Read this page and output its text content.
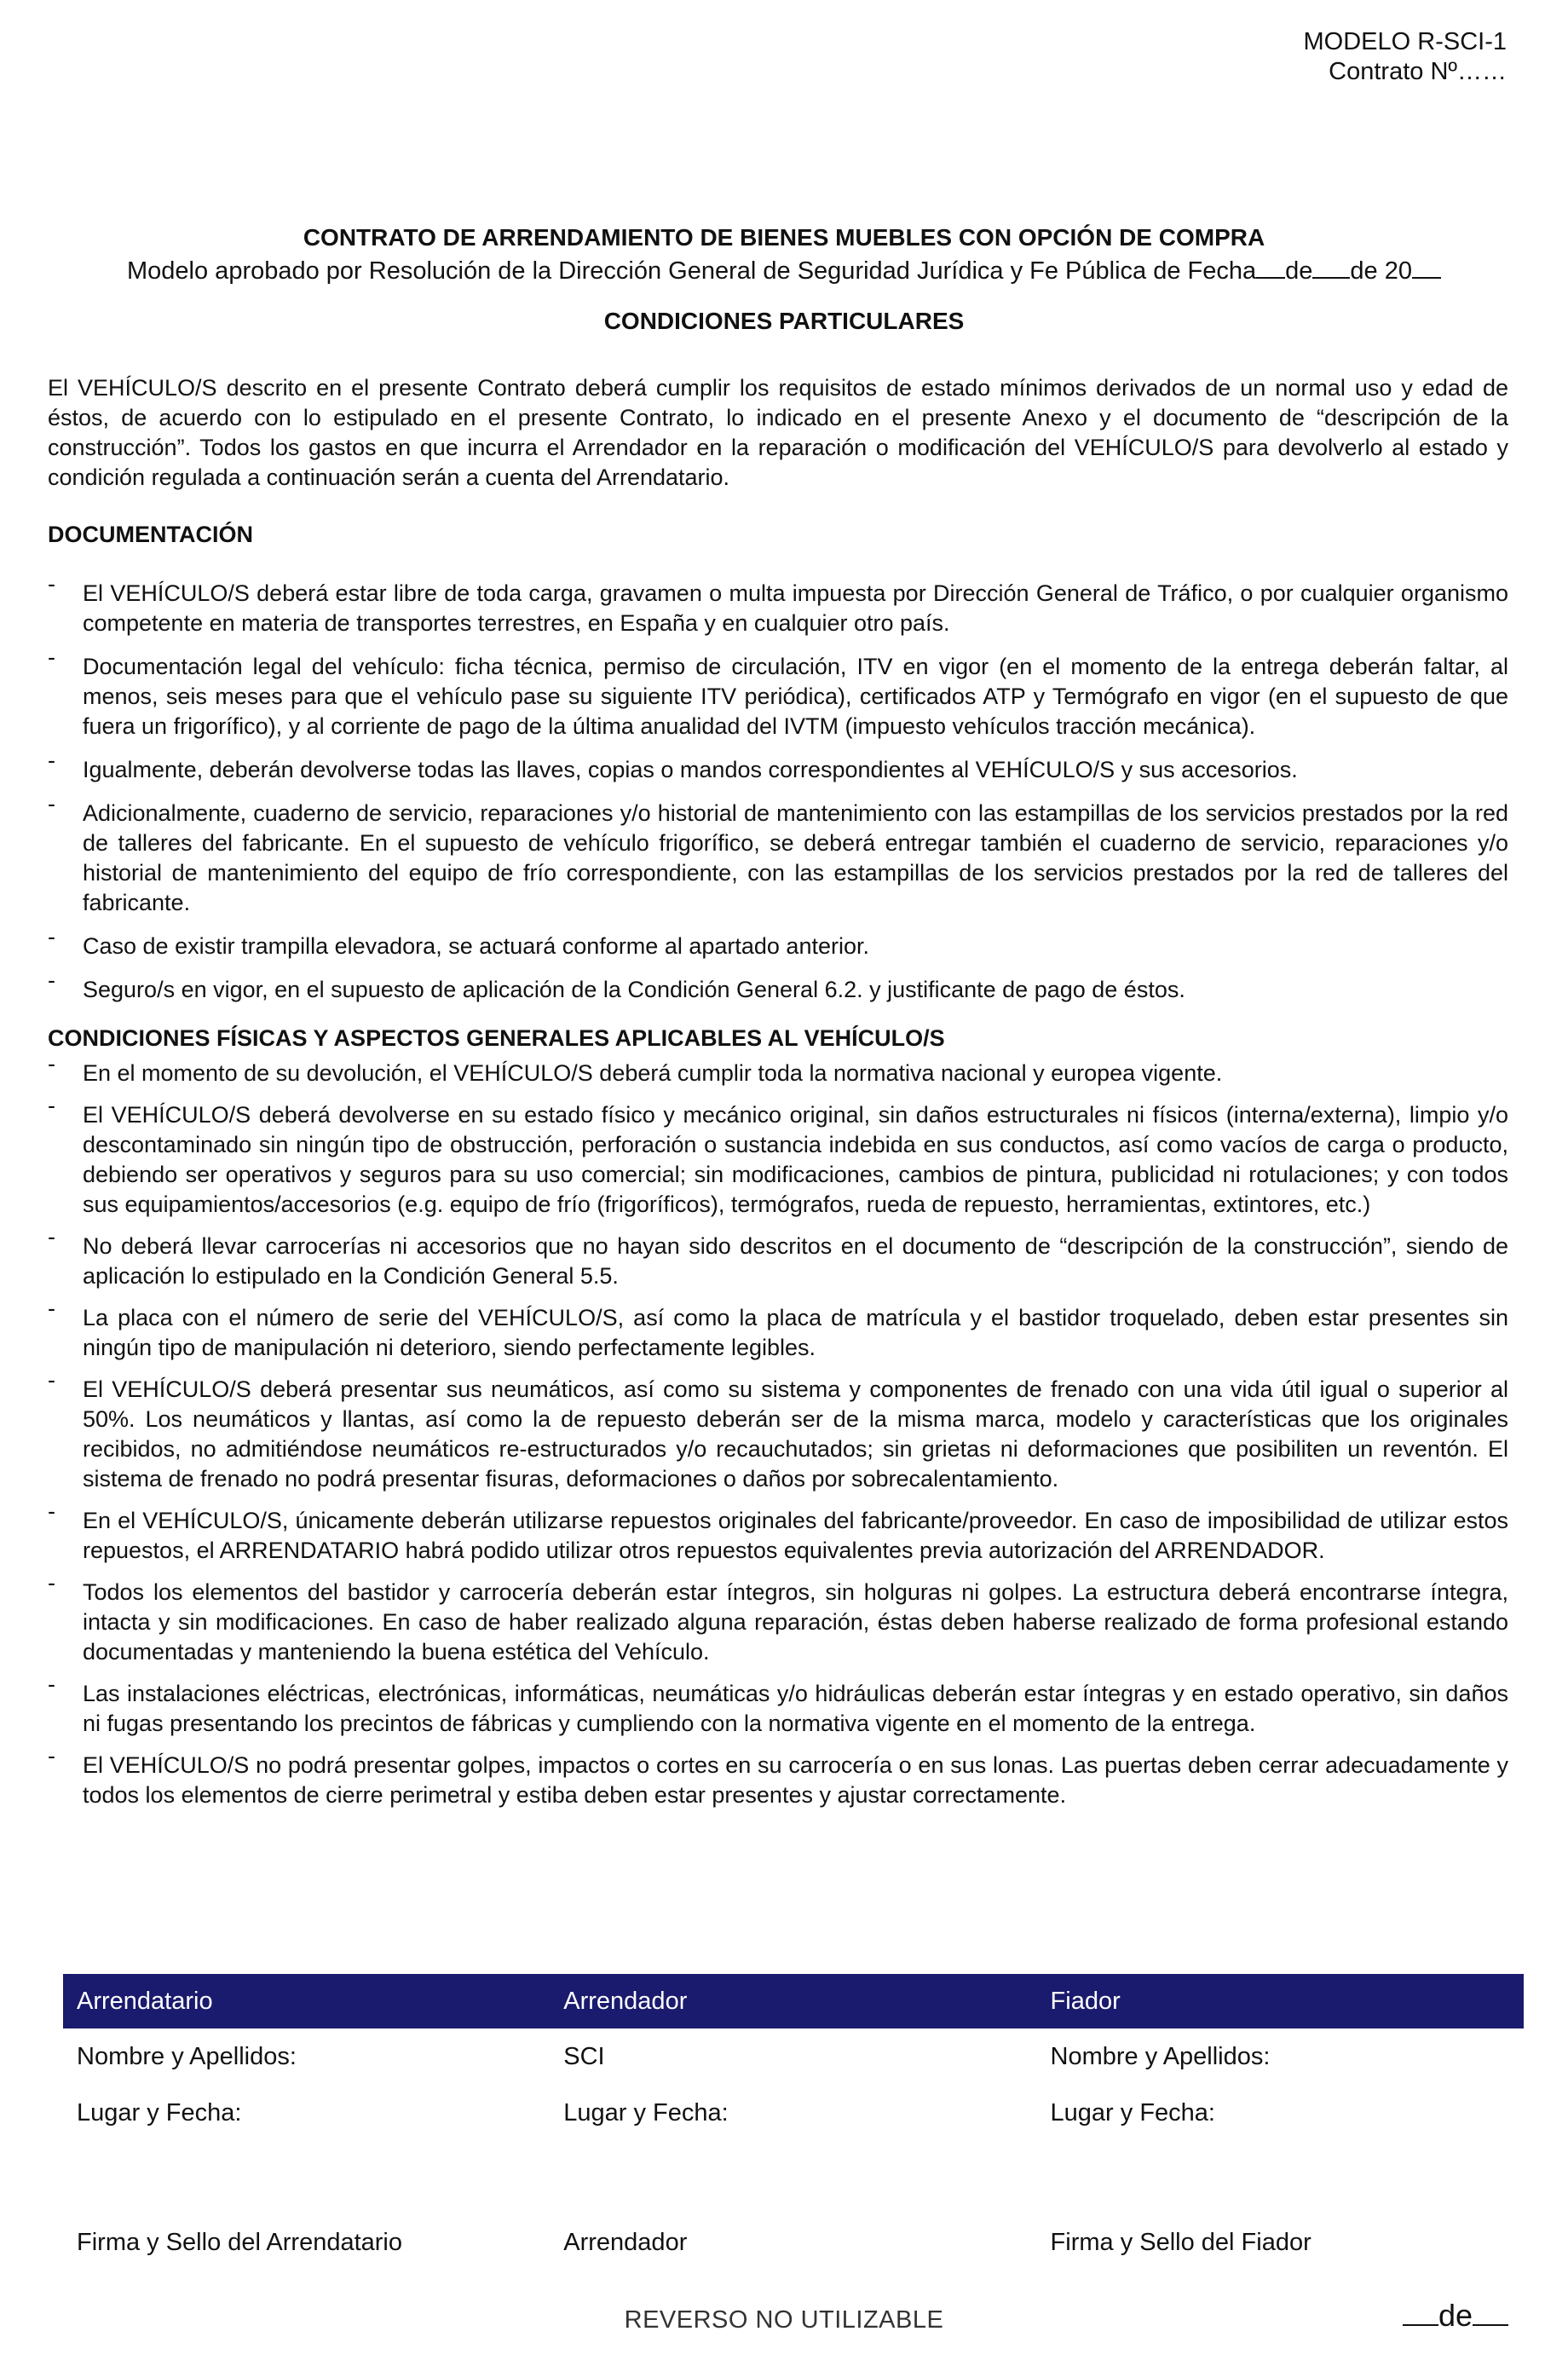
MODELO R-SCI-1
Contrato Nº……
CONTRATO DE ARRENDAMIENTO DE BIENES MUEBLES CON OPCIÓN DE COMPRA
Modelo aprobado por Resolución de la Dirección General de Seguridad Jurídica y Fe Pública de Fecha de de 20
CONDICIONES PARTICULARES

El VEHÍCULO/S descrito en el presente Contrato deberá cumplir los requisitos de estado mínimos derivados de un normal uso y edad de éstos, de acuerdo con lo estipulado en el presente Contrato, lo indicado en el presente Anexo y el documento de “descripción de la construcción”. Todos los gastos en que incurra el Arrendador en la reparación o modificación del VEHÍCULO/S para devolverlo al estado y condición regulada a continuación serán a cuenta del Arrendatario.

DOCUMENTACIÓN
- El VEHÍCULO/S deberá estar libre de toda carga, gravamen o multa impuesta por Dirección General de Tráfico, o por cualquier organismo competente en materia de transportes terrestres, en España y en cualquier otro país.
- Documentación legal del vehículo: ficha técnica, permiso de circulación, ITV en vigor (en el momento de la entrega deberán faltar, al menos, seis meses para que el vehículo pase su siguiente ITV periódica), certificados ATP y Termógrafo en vigor (en el supuesto de que fuera un frigorífico), y al corriente de pago de la última anualidad del IVTM (impuesto vehículos tracción mecánica).
- Igualmente, deberán devolverse todas las llaves, copias o mandos correspondientes al VEHÍCULO/S y sus accesorios.
- Adicionalmente, cuaderno de servicio, reparaciones y/o historial de mantenimiento con las estampillas de los servicios prestados por la red de talleres del fabricante. En el supuesto de vehículo frigorífico, se deberá entregar también el cuaderno de servicio, reparaciones y/o historial de mantenimiento del equipo de frío correspondiente, con las estampillas de los servicios prestados por la red de talleres del fabricante.
- Caso de existir trampilla elevadora, se actuará conforme al apartado anterior.
- Seguro/s en vigor, en el supuesto de aplicación de la Condición General 6.2. y justificante de pago de éstos.
CONDICIONES FÍSICAS Y ASPECTOS GENERALES APLICABLES AL VEHÍCULO/S
- En el momento de su devolución, el VEHÍCULO/S deberá cumplir toda la normativa nacional y europea vigente.
- El VEHÍCULO/S deberá devolverse en su estado físico y mecánico original, sin daños estructurales ni físicos (interna/externa), limpio y/o descontaminado sin ningún tipo de obstrucción, perforación o sustancia indebida en sus conductos, así como vacíos de carga o producto, debiendo ser operativos y seguros para su uso comercial; sin modificaciones, cambios de pintura, publicidad ni rotulaciones; y con todos sus equipamientos/accesorios (e.g. equipo de frío (frigoríficos), termógrafos, rueda de repuesto, herramientas, extintores, etc.)
- No deberá llevar carrocerías ni accesorios que no hayan sido descritos en el documento de “descripción de la construcción”, siendo de aplicación lo estipulado en la Condición General 5.5.
- La placa con el número de serie del VEHÍCULO/S, así como la placa de matrícula y el bastidor troquelado, deben estar presentes sin ningún tipo de manipulación ni deterioro, siendo perfectamente legibles.
- El VEHÍCULO/S deberá presentar sus neumáticos, así como su sistema y componentes de frenado con una vida útil igual o superior al 50%. Los neumáticos y llantas, así como la de repuesto deberán ser de la misma marca, modelo y características que los originales recibidos, no admitiéndose neumáticos re-estructurados y/o recauchutados; sin grietas ni deformaciones que posibiliten un reventón. El sistema de frenado no podrá presentar fisuras, deformaciones o daños por sobrecalentamiento.
- En el VEHÍCULO/S, únicamente deberán utilizarse repuestos originales del fabricante/proveedor. En caso de imposibilidad de utilizar estos repuestos, el ARRENDATARIO habrá podido utilizar otros repuestos equivalentes previa autorización del ARRENDADOR.
- Todos los elementos del bastidor y carrocería deberán estar íntegros, sin holguras ni golpes. La estructura deberá encontrarse íntegra, intacta y sin modificaciones. En caso de haber realizado alguna reparación, éstas deben haberse realizado de forma profesional estando documentadas y manteniendo la buena estética del Vehículo.
- Las instalaciones eléctricas, electrónicas, informáticas, neumáticas y/o hidráulicas deberán estar íntegras y en estado operativo, sin daños ni fugas presentando los precintos de fábricas y cumpliendo con la normativa vigente en el momento de la entrega.
- El VEHÍCULO/S no podrá presentar golpes, impactos o cortes en su carrocería o en sus lonas. Las puertas deben cerrar adecuadamente y todos los elementos de cierre perimetral y estiba deben estar presentes y ajustar correctamente.
Arrendatario	Arrendador	Fiador
Nombre y Apellidos:	SCI	Nombre y Apellidos:
Lugar y Fecha:	Lugar y Fecha:	Lugar y Fecha:
Firma y Sello del Arrendatario	Arrendador	Firma y Sello del Fiador
REVERSO NO UTILIZABLE	de
